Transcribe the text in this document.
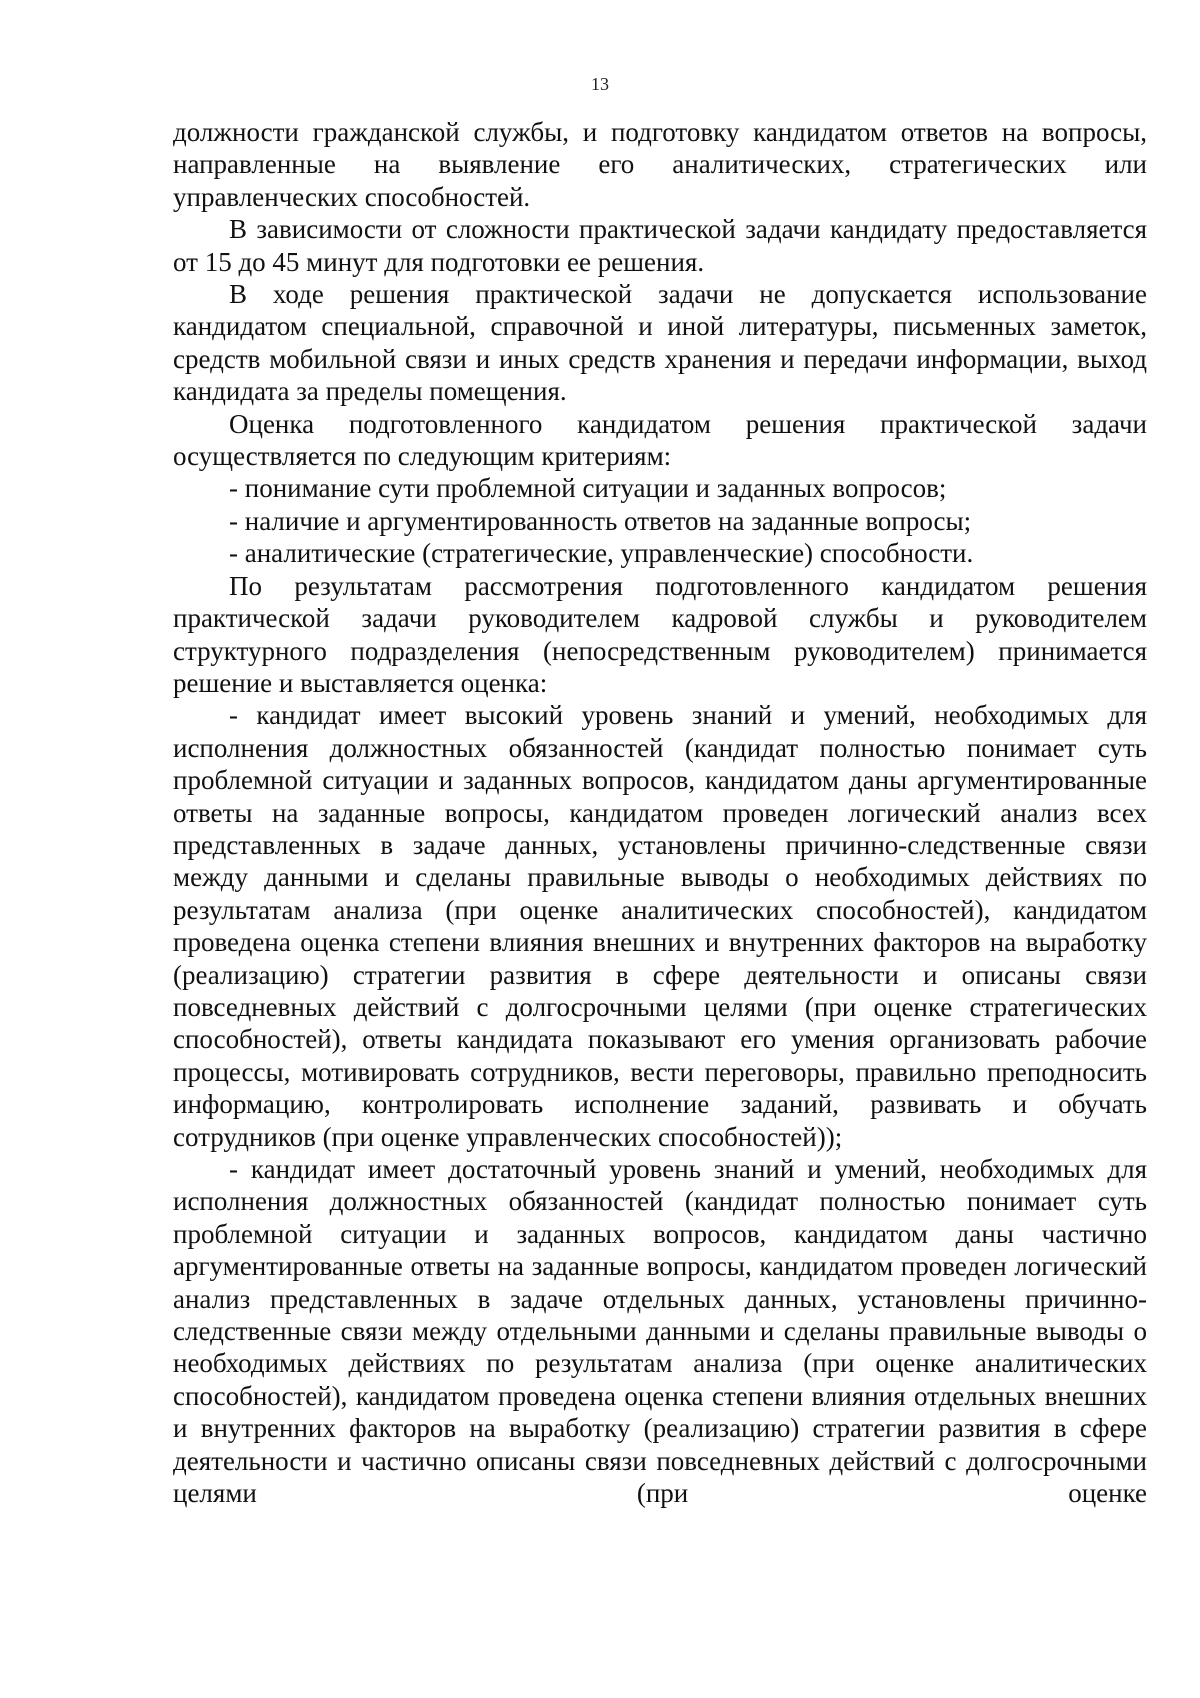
13

должности гражданской службы, и подготовку кандидатом ответов на вопросы, направленные на выявление его аналитических, стратегических или управленческих способностей.

В зависимости от сложности практической задачи кандидату предоставляется от 15 до 45 минут для подготовки ее решения.

В ходе решения практической задачи не допускается использование кандидатом специальной, справочной и иной литературы, письменных заметок, средств мобильной связи и иных средств хранения и передачи информации, выход кандидата за пределы помещения.

Оценка подготовленного кандидатом решения практической задачи осуществляется по следующим критериям:

- понимание сути проблемной ситуации и заданных вопросов;

- наличие и аргументированность ответов на заданные вопросы;

- аналитические (стратегические, управленческие) способности.

По результатам рассмотрения подготовленного кандидатом решения практической задачи руководителем кадровой службы и руководителем структурного подразделения (непосредственным руководителем) принимается решение и выставляется оценка:

- кандидат имеет высокий уровень знаний и умений, необходимых для исполнения должностных обязанностей (кандидат полностью понимает суть проблемной ситуации и заданных вопросов, кандидатом даны аргументированные ответы на заданные вопросы, кандидатом проведен логический анализ всех представленных в задаче данных, установлены причинно-следственные связи между данными и сделаны правильные выводы о необходимых действиях по результатам анализа (при оценке аналитических способностей), кандидатом проведена оценка степени влияния внешних и внутренних факторов на выработку (реализацию) стратегии развития в сфере деятельности и описаны связи повседневных действий с долгосрочными целями (при оценке стратегических способностей), ответы кандидата показывают его умения организовать рабочие процессы, мотивировать сотрудников, вести переговоры, правильно преподносить информацию, контролировать исполнение заданий, развивать и обучать сотрудников (при оценке управленческих способностей));

- кандидат имеет достаточный уровень знаний и умений, необходимых для исполнения должностных обязанностей (кандидат полностью понимает суть проблемной ситуации и заданных вопросов, кандидатом даны частично аргументированные ответы на заданные вопросы, кандидатом проведен логический анализ представленных в задаче отдельных данных, установлены причинно-следственные связи между отдельными данными и сделаны правильные выводы о необходимых действиях по результатам анализа (при оценке аналитических способностей), кандидатом проведена оценка степени влияния отдельных внешних и внутренних факторов на выработку (реализацию) стратегии развития в сфере деятельности и частично описаны связи повседневных действий с долгосрочными целями (при оценке
